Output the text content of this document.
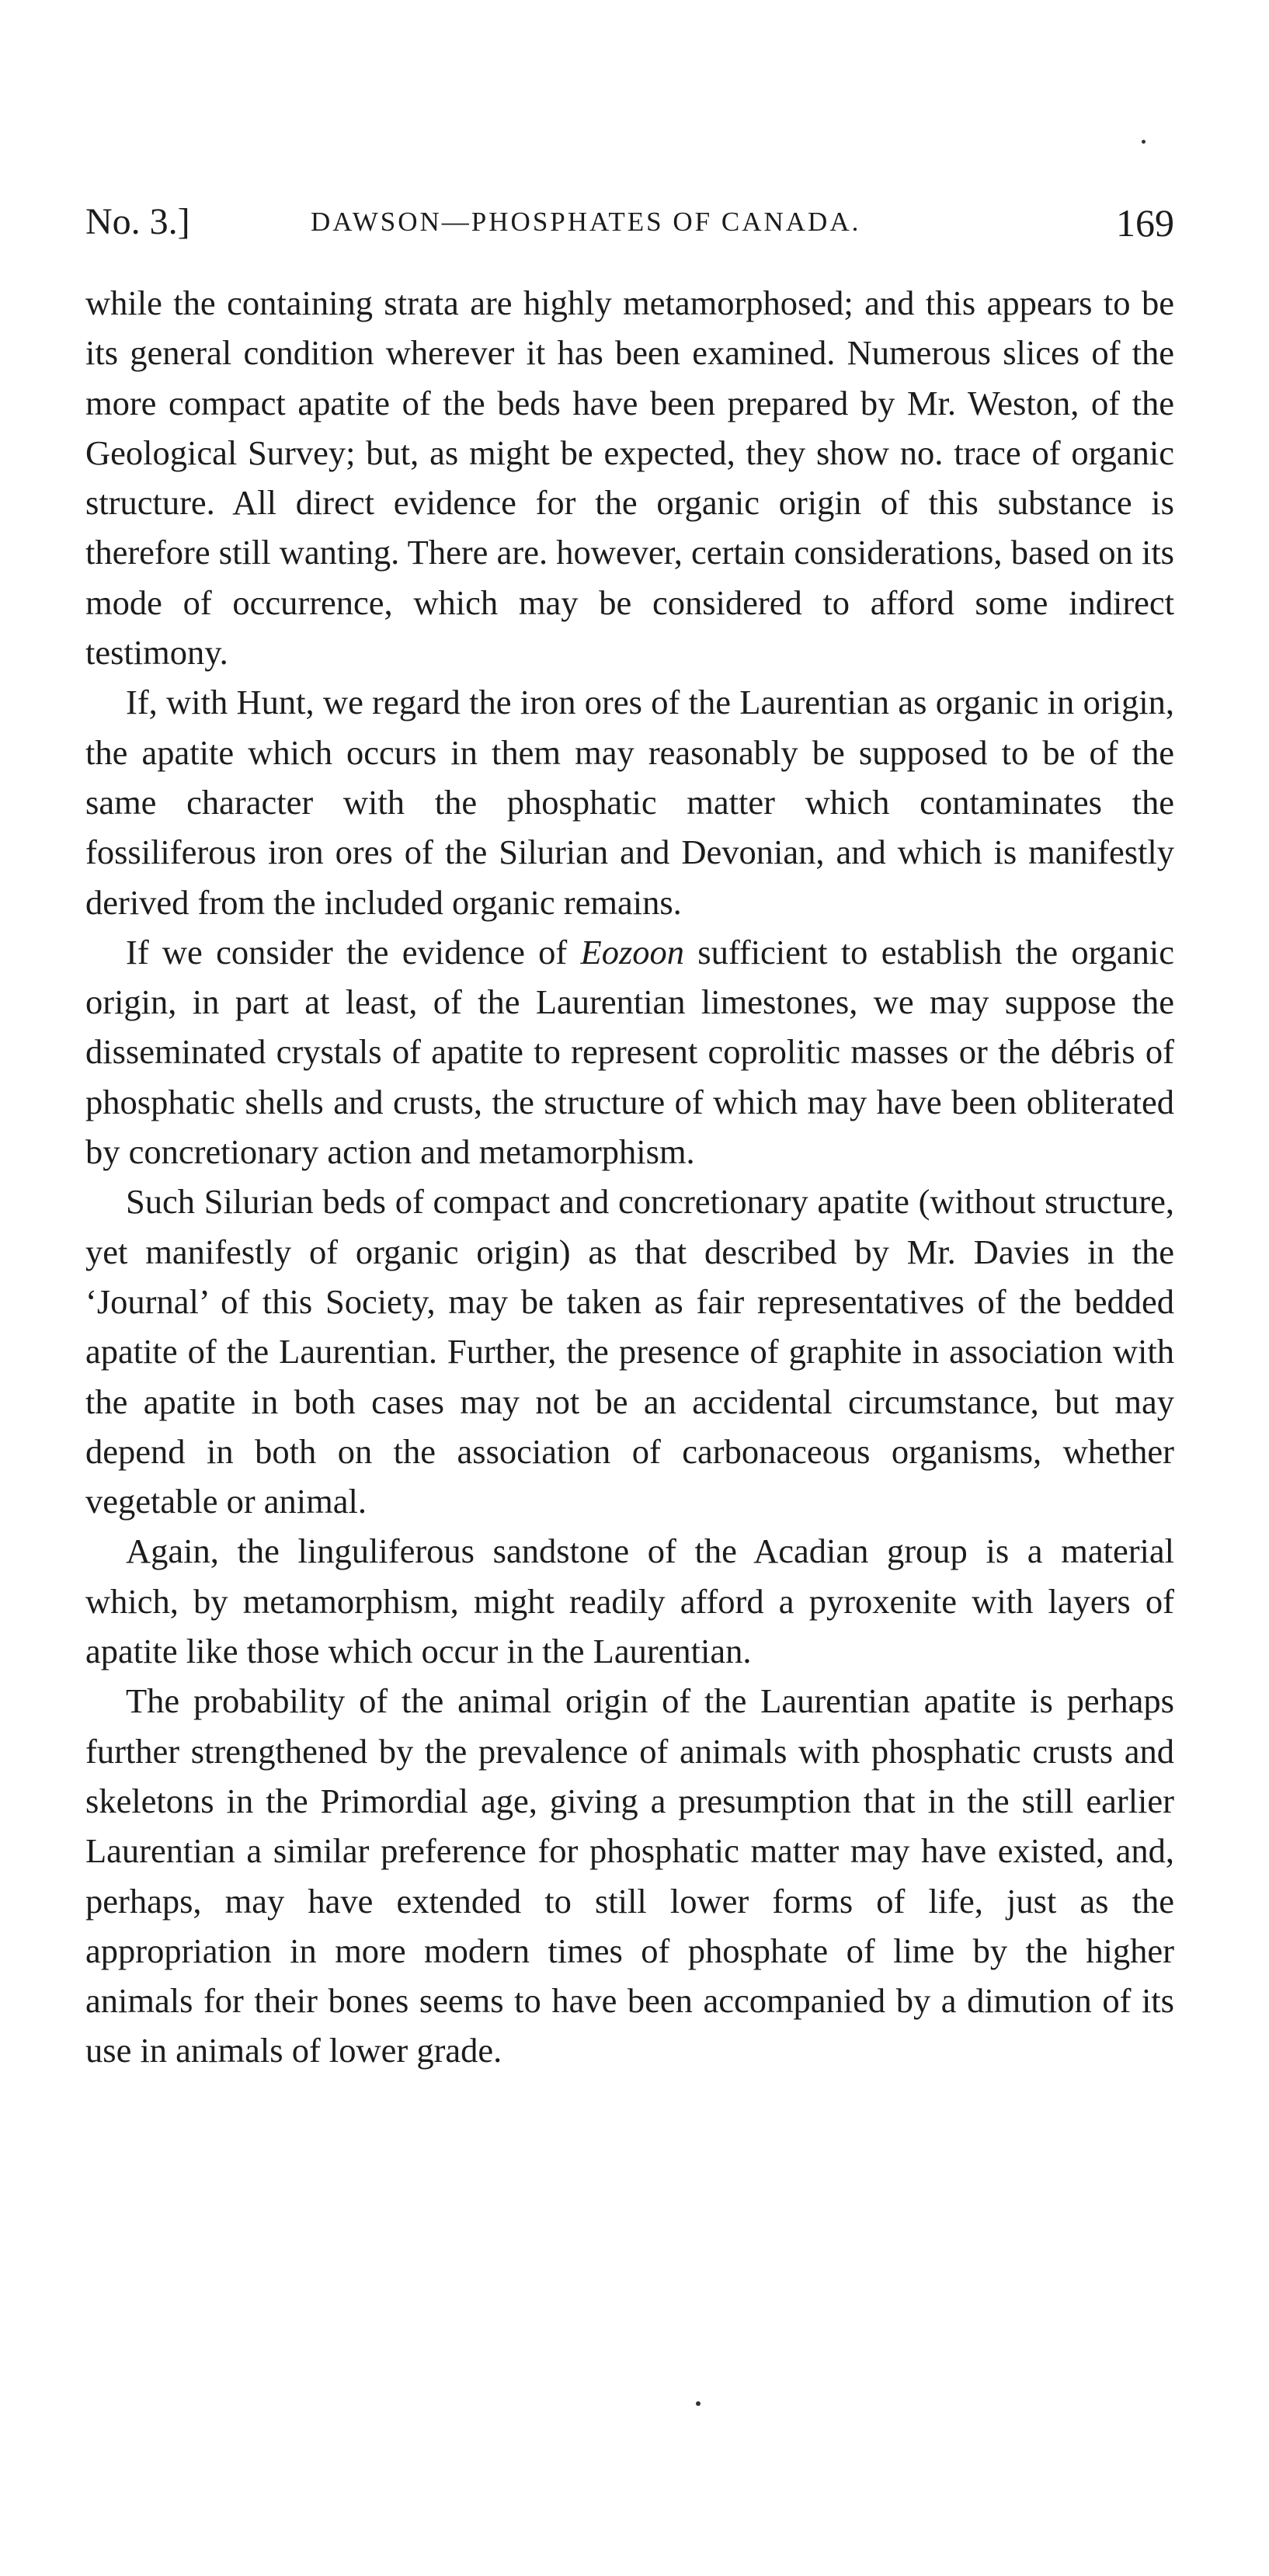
No. 3.]	DAWSON—PHOSPHATES OF CANADA.	169

while the containing strata are highly metamorphosed; and this appears to be its general condition wherever it has been examined. Numerous slices of the more compact apatite of the beds have been prepared by Mr. Weston, of the Geological Survey; but, as might be expected, they show no. trace of organic structure. All direct evidence for the organic origin of this substance is therefore still wanting. There are. however, certain considerations, based on its mode of occurrence, which may be considered to afford some indirect testimony.

If, with Hunt, we regard the iron ores of the Laurentian as organic in origin, the apatite which occurs in them may reasonably be supposed to be of the same character with the phosphatic matter which contaminates the fossiliferous iron ores of the Silurian and Devonian, and which is manifestly derived from the included organic remains.

If we consider the evidence of Eozoon sufficient to establish the organic origin, in part at least, of the Laurentian limestones, we may suppose the disseminated crystals of apatite to represent coprolitic masses or the débris of phosphatic shells and crusts, the structure of which may have been obliterated by concretionary action and metamorphism.

Such Silurian beds of compact and concretionary apatite (without structure, yet manifestly of organic origin) as that described by Mr. Davies in the ‘Journal’ of this Society, may be taken as fair representatives of the bedded apatite of the Laurentian. Further, the presence of graphite in association with the apatite in both cases may not be an accidental circumstance, but may depend in both on the association of carbonaceous organisms, whether vegetable or animal.

Again, the linguliferous sandstone of the Acadian group is a material which, by metamorphism, might readily afford a pyroxenite with layers of apatite like those which occur in the Laurentian.

The probability of the animal origin of the Laurentian apatite is perhaps further strengthened by the prevalence of animals with phosphatic crusts and skeletons in the Primordial age, giving a presumption that in the still earlier Laurentian a similar preference for phosphatic matter may have existed, and, perhaps, may have extended to still lower forms of life, just as the appropriation in more modern times of phosphate of lime by the higher animals for their bones seems to have been accompanied by a dimution of its use in animals of lower grade.
